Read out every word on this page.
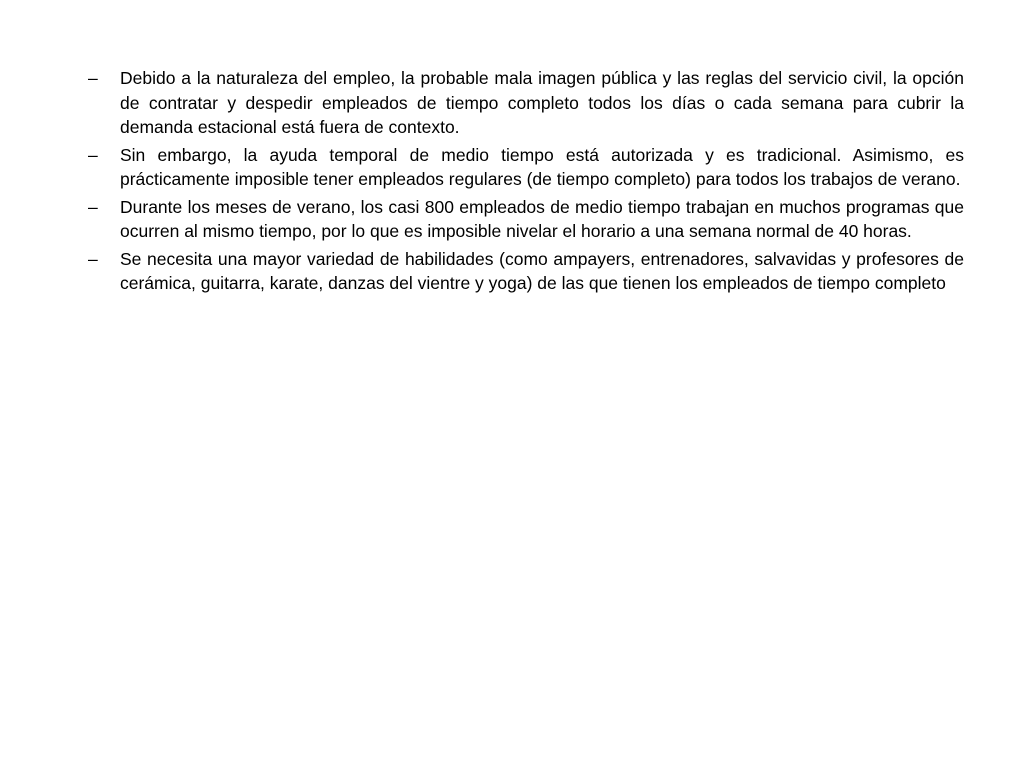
–	Debido a la naturaleza del empleo, la probable mala imagen pública y las reglas del servicio civil, la opción de contratar y despedir empleados de tiempo completo todos los días o cada semana para cubrir la demanda estacional está fuera de contexto.
–	Sin embargo, la ayuda temporal de medio tiempo está autorizada y es tradicional. Asimismo, es prácticamente imposible tener empleados regulares (de tiempo completo) para todos los trabajos de verano.
–	Durante los meses de verano, los casi 800 empleados de medio tiempo trabajan en muchos programas que ocurren al mismo tiempo, por lo que es imposible nivelar el horario a una semana normal de 40 horas.
–	Se necesita una mayor variedad de habilidades (como ampayers, entrenadores, salvavidas y profesores de cerámica, guitarra, karate, danzas del vientre y yoga) de las que tienen los empleados de tiempo completo
